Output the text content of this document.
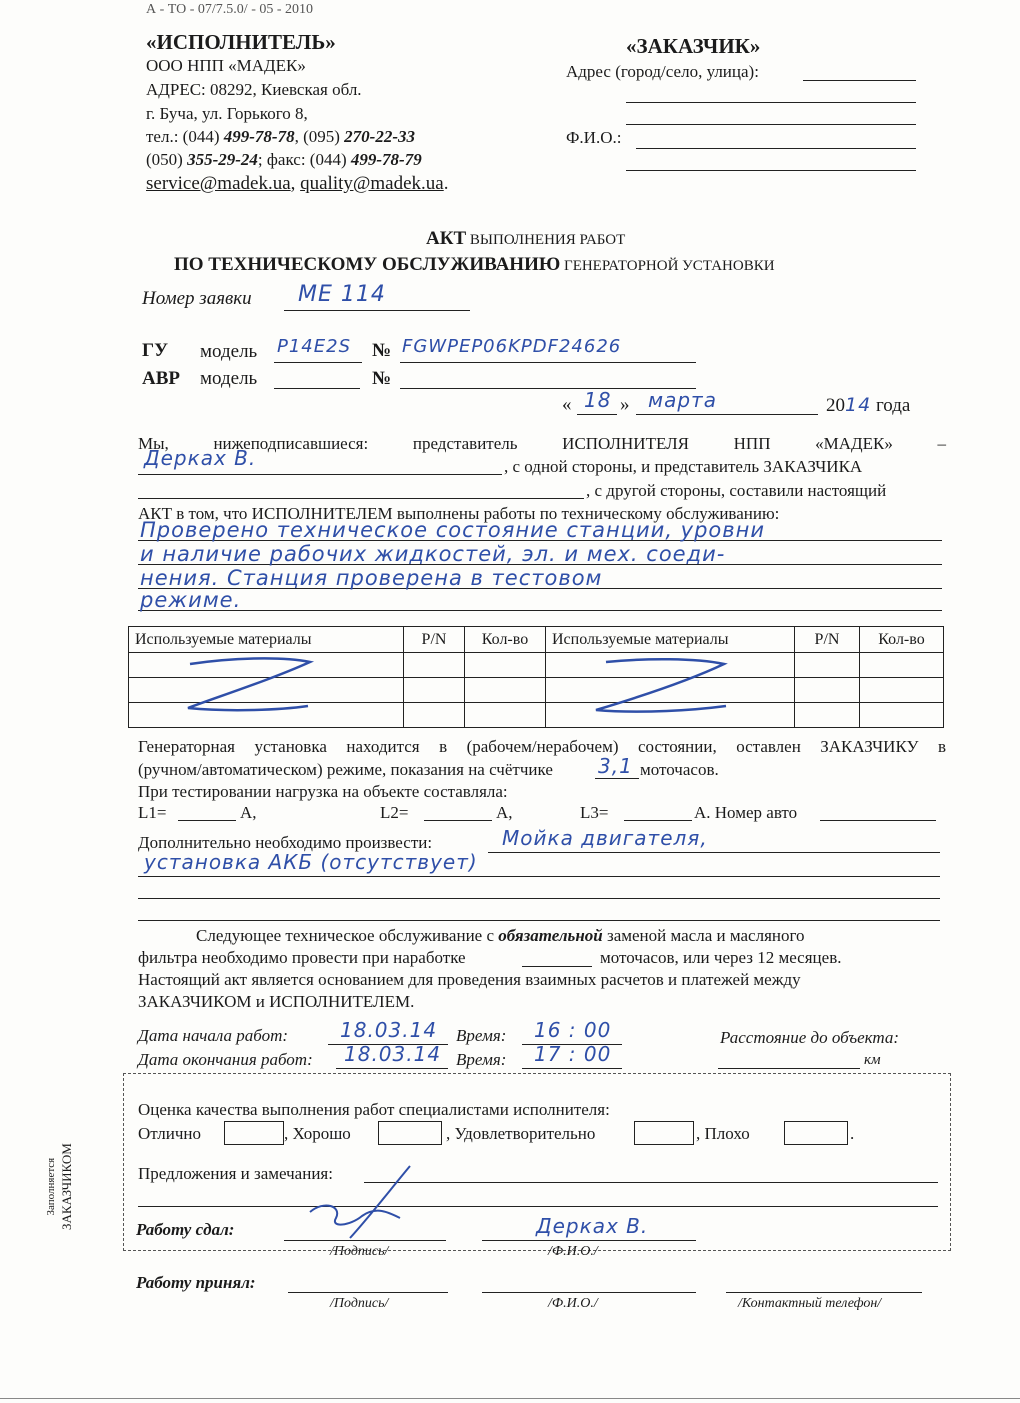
А - ТО - 07/7.5.0/ - 05 - 2010
«ИСПОЛНИТЕЛЬ»
ООО НПП «МАДЕК»
АДРЕС: 08292, Киевская обл.
г. Буча, ул. Горького 8,
тел.: (044) 499-78-78, (095) 270-22-33
(050) 355-29-24; факс: (044) 499-78-79
service@madek.ua, quality@madek.ua.
«ЗАКАЗЧИК»
Адрес (город/село, улица):
Ф.И.О.:
АКТ ВЫПОЛНЕНИЯ РАБОТ
ПО ТЕХНИЧЕСКОМУ ОБСЛУЖИВАНИЮ ГЕНЕРАТОРНОЙ УСТАНОВКИ
Номер заявки МЕ 114
ГУ модель Р14Е2S № FGWPEP06KPDF24626
АВР модель	№
« 18 » марта	2014 года
Мы, нижеподписавшиеся: представитель ИСПОЛНИТЕЛЯ НПП «МАДЕК» –
Дерках В.	, с одной стороны, и представитель ЗАКАЗЧИКА
, с другой стороны, составили настоящий
АКТ в том, что ИСПОЛНИТЕЛЕМ выполнены работы по техническому обслуживанию:
Проверено техническое состояние станции, уровни
и наличие рабочих жидкостей, эл. и мех. соеди-
нения. Станция проверена в тестовом
режиме.
Используемые материалы	P/N	Кол-во	Используемые материалы	P/N	Кол-во

Генераторная установка находится в (рабочем/нерабочем) состоянии, оставлен ЗАКАЗЧИКУ в
(ручном/автоматическом) режиме, показания на счётчике 3,1 моточасов.
При тестировании нагрузка на объекте составляла:
L1=	А,	L2=	А,	L3=	А. Номер авто
Дополнительно необходимо произвести:	Мойка двигателя,
установка АКБ (отсутствует)
Следующее техническое обслуживание с обязательной заменой масла и масляного
фильтра необходимо провести при наработке	моточасов, или через 12 месяцев.
Настоящий акт является основанием для проведения взаимных расчетов и платежей между
ЗАКАЗЧИКОМ и ИСПОЛНИТЕЛЕМ.
Дата начала работ:	18.03.14 Время: 16 : 00	Расстояние до объекта:
Дата окончания работ: 18.03.14 Время: 17 : 00	км
Заполняется ЗАКАЗЧИКОМ
Оценка качества выполнения работ специалистами исполнителя:
Отлично	, Хорошо	, Удовлетворительно	, Плохо	.
Предложения и замечания:
Работу сдал:	Дерках В.
/Подпись/	/Ф.И.О./
Работу принял:
/Подпись/	/Ф.И.О./	/Контактный телефон/
